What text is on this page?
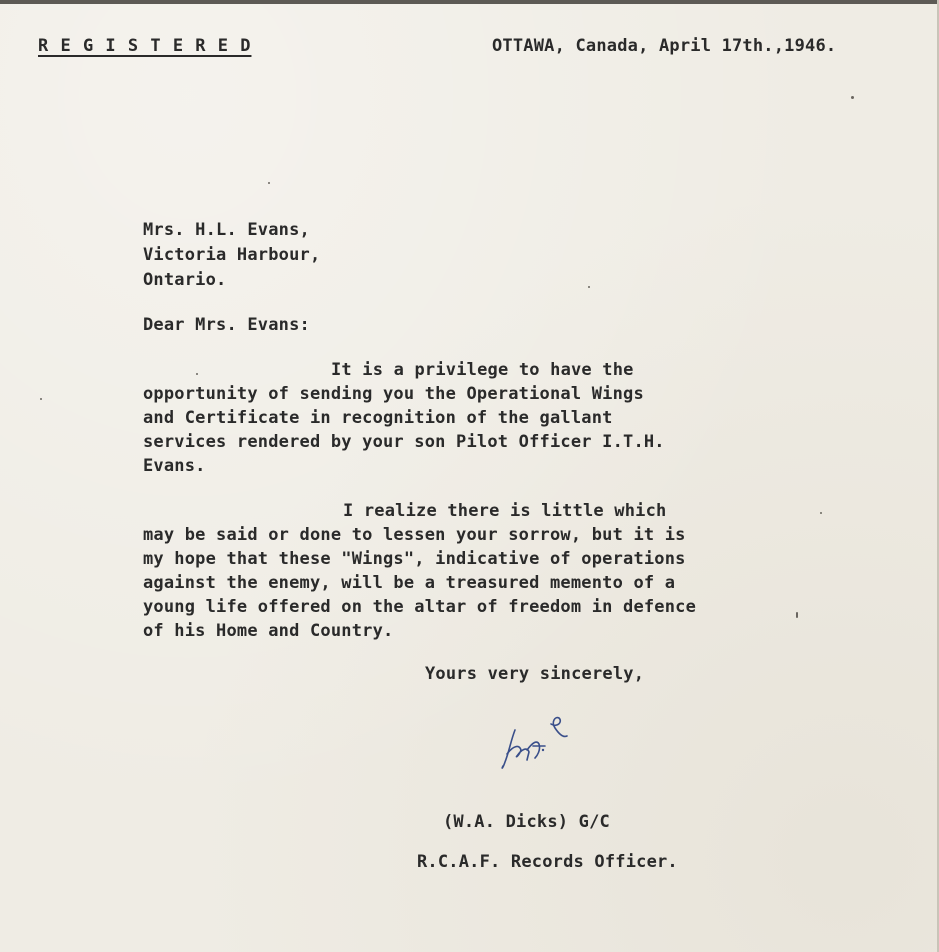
R E G I S T E R E D	OTTAWA, Canada, April 17th.,1946.
Mrs. H.L. Evans,
Victoria Harbour,
Ontario.
Dear Mrs. Evans:
It is a privilege to have the
opportunity of sending you the Operational Wings
and Certificate in recognition of the gallant
services rendered by your son Pilot Officer I.T.H.
Evans.
I realize there is little which
may be said or done to lessen your sorrow, but it is
my hope that these "Wings", indicative of operations
against the enemy, will be a treasured memento of a
young life offered on the altar of freedom in defence
of his Home and Country.
Yours very sincerely,
(W.A. Dicks) G/C
R.C.A.F. Records Officer.
